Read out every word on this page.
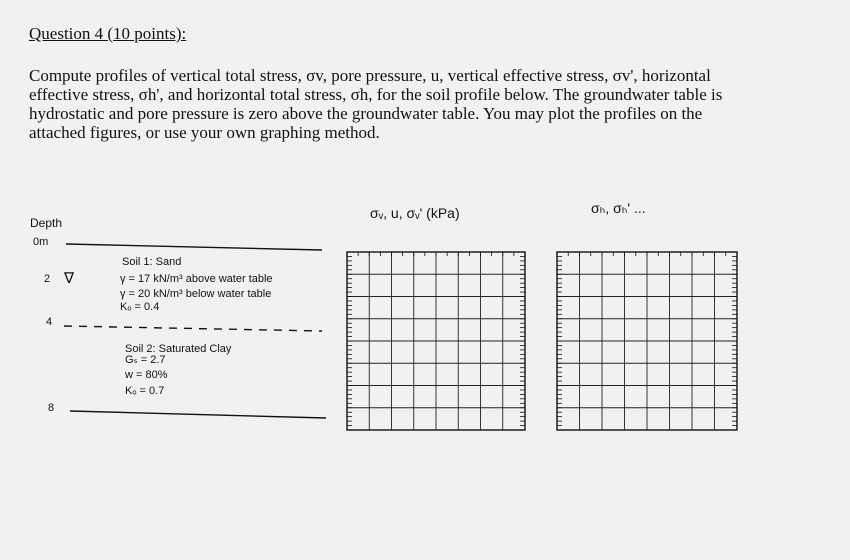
Question 4 (10 points):

Compute profiles of vertical total stress, σv, pore pressure, u, vertical effective stress, σv', horizontal effective stress, σh', and horizontal total stress, σh, for the soil profile below. The groundwater table is hydrostatic and pore pressure is zero above the groundwater table. You may plot the profiles on the attached figures, or use your own graphing method.

Depth
0m
2
4
8
∇
Soil 1: Sand
γ = 17 kN/m³ above water table
γ = 20 kN/m³ below water table
Kₒ = 0.4
Soil 2: Saturated Clay
Gₛ = 2.7
w = 80%
Kₒ = 0.7
σᵥ, u, σᵥ' (kPa)	σₕ, σₕ' ...
